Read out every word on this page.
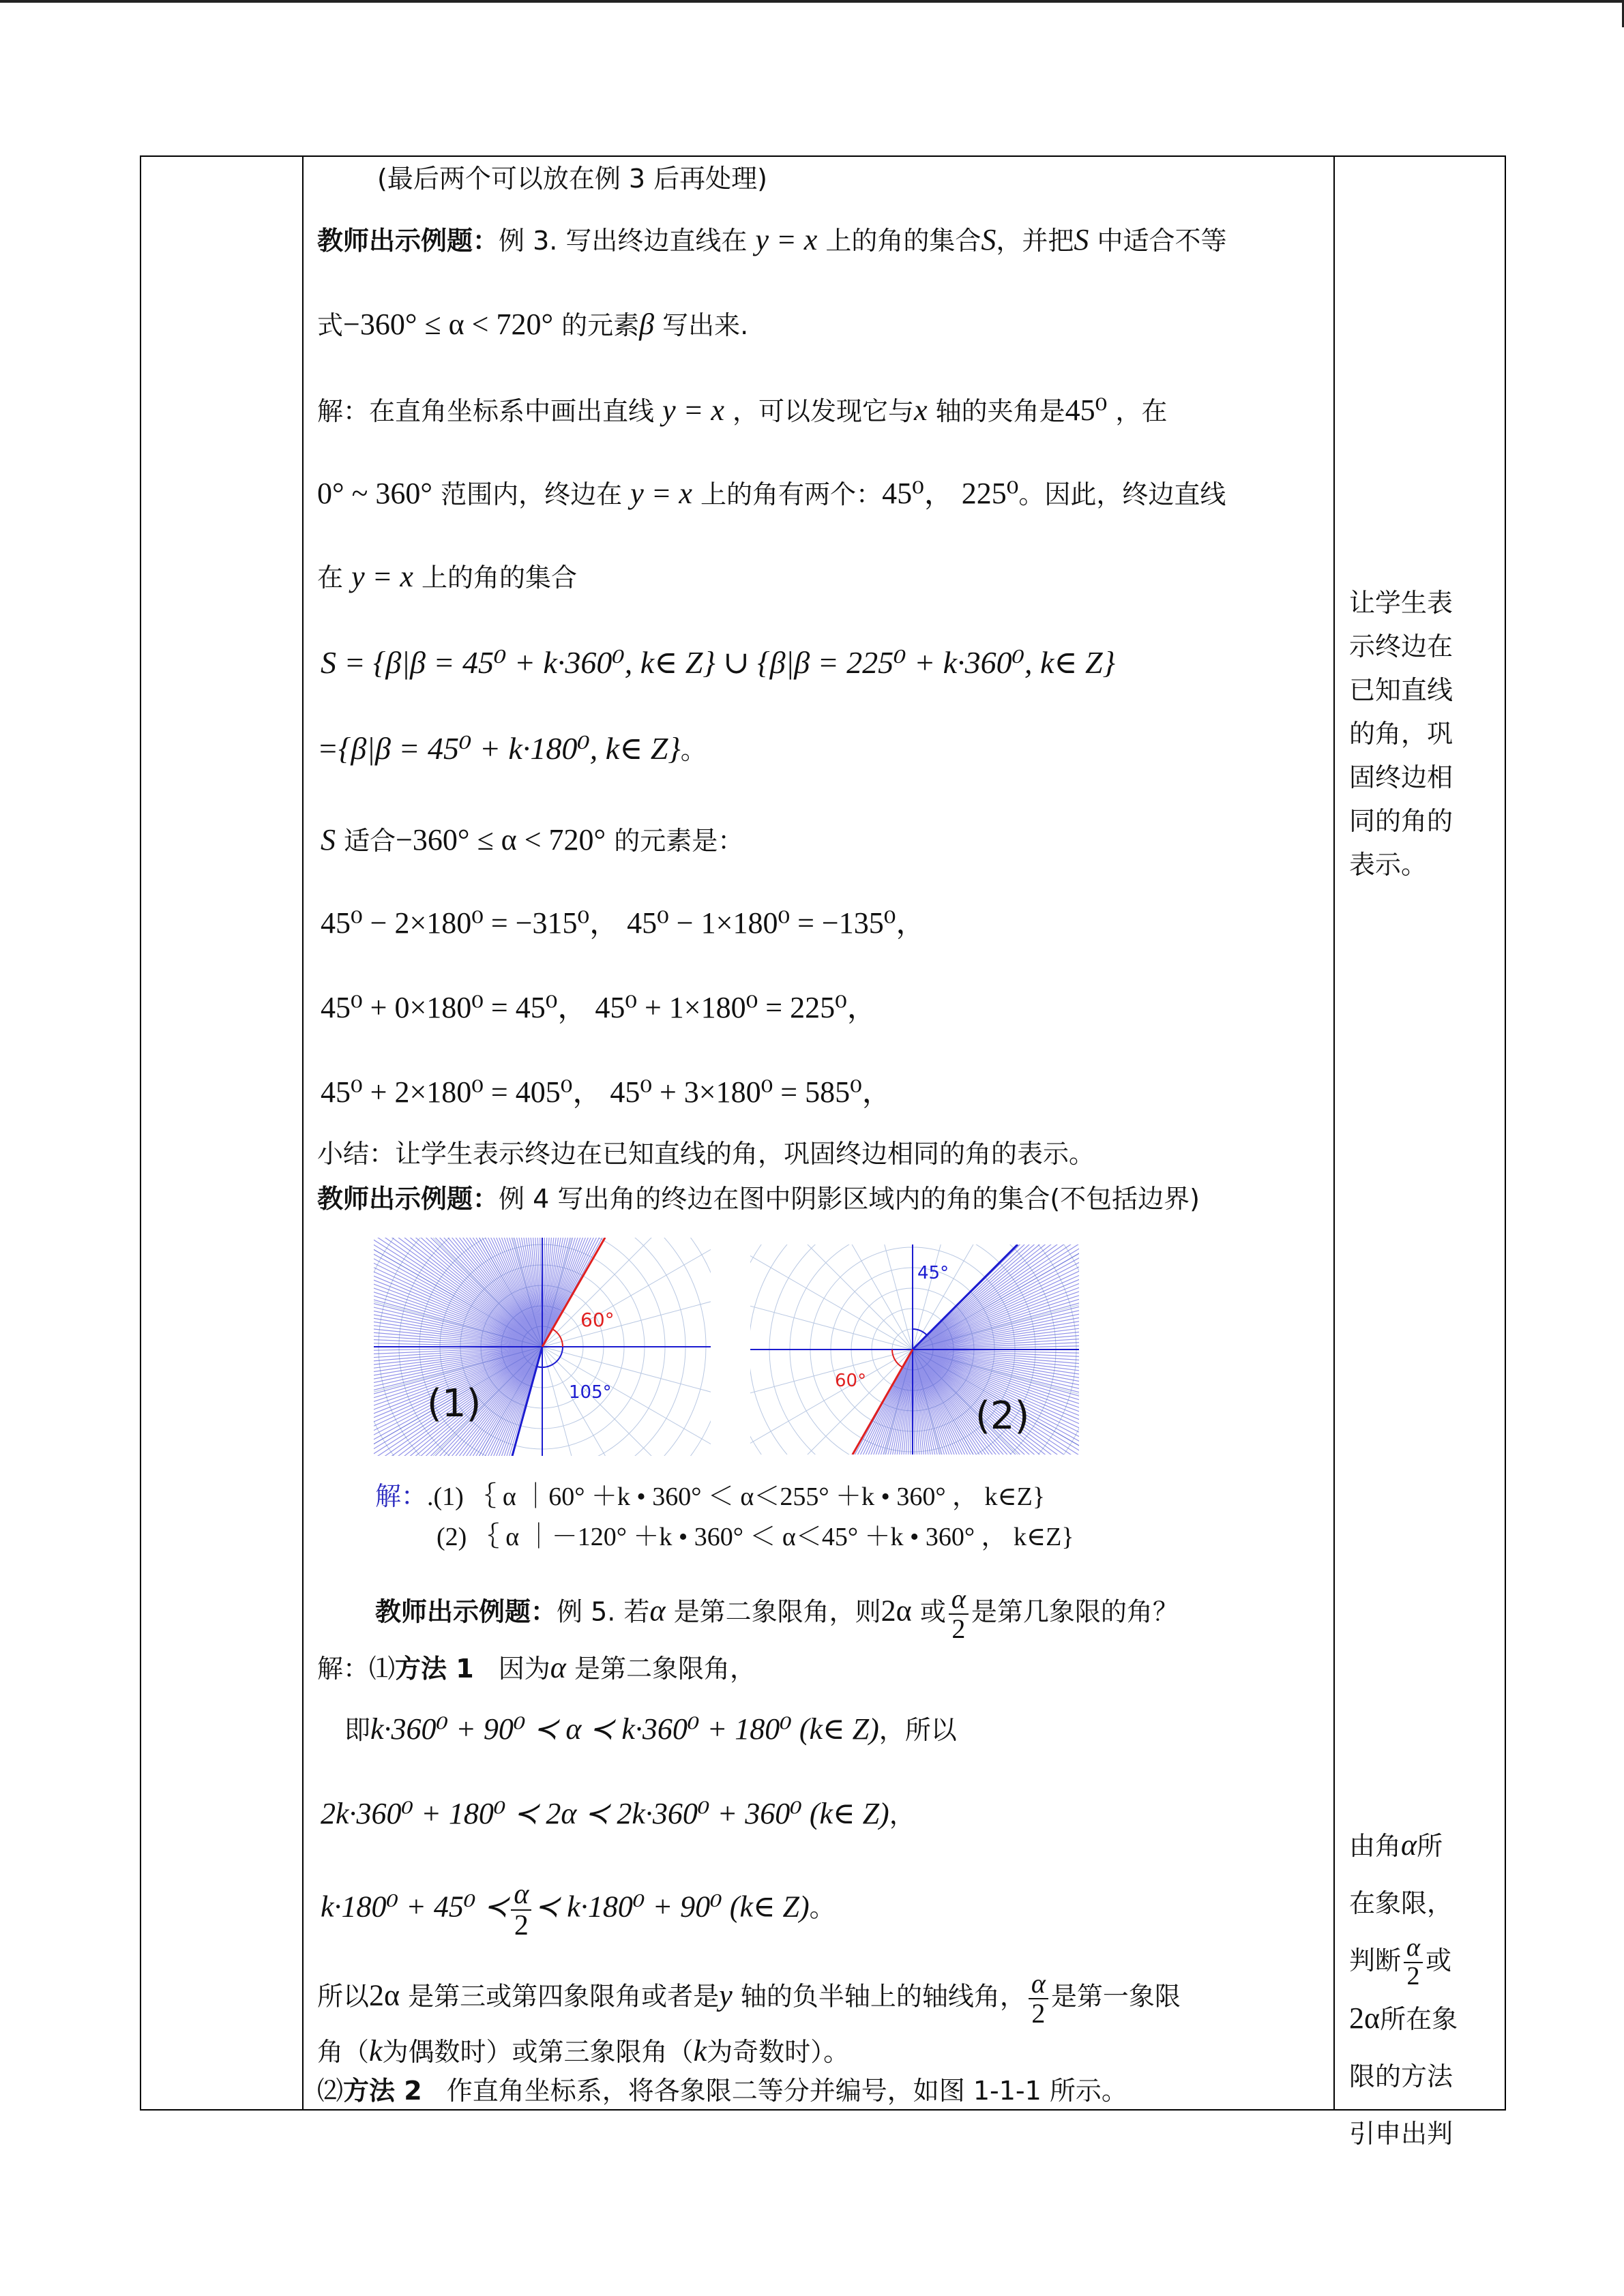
(最后两个可以放在例 3 后再处理)
教师出示例题：例 3. 写出终边直线在 y = x 上的角的集合S，并把S 中适合不等
式−360° ≤ α < 720° 的元素β 写出来.
解：在直角坐标系中画出直线 y = x ，可以发现它与x 轴的夹角是45⁰ ，在
0° ~ 360° 范围内，终边在 y = x 上的角有两个：45⁰， 225⁰。因此，终边直线
在 y = x 上的角的集合
S = {β|β = 45⁰ + k·360⁰, k∈ Z} ∪ {β|β = 225⁰ + k·360⁰, k∈ Z}
={β|β = 45⁰ + k·180⁰, k∈ Z}。
S 适合−360° ≤ α < 720° 的元素是：
45⁰ − 2×180⁰ = −315⁰， 45⁰ − 1×180⁰ = −135⁰，
45⁰ + 0×180⁰ = 45⁰， 45⁰ + 1×180⁰ = 225⁰，
45⁰ + 2×180⁰ = 405⁰， 45⁰ + 3×180⁰ = 585⁰，
小结：让学生表示终边在已知直线的角，巩固终边相同的角的表示。
教师出示例题：例 4 写出角的终边在图中阴影区域内的角的集合(不包括边界)
60°
105°
(1)
45°
60°
(2)
解：.(1) ｛ α ｜60° ＋k • 360° ＜ α＜255° ＋k • 360° ， k∈Z}
(2) ｛ α ｜－120° ＋k • 360° ＜ α＜45° ＋k • 360° ， k∈Z}
教师出示例题：例 5. 若α 是第二象限角，则2α 或 $\frac{\alpha}{2}$ 是第几象限的角？
解：⑴方法 1 因为α 是第二象限角，
即k·360⁰ + 90⁰ ≺ α ≺ k·360⁰ + 180⁰ (k∈ Z)，所以
2k·360⁰ + 180⁰ ≺ 2α ≺ 2k·360⁰ + 360⁰ (k∈ Z)，
k·180⁰ + 45⁰ ≺ $\frac{\alpha}{2}$ ≺ k·180⁰ + 90⁰ (k∈ Z)。
所以2α 是第三或第四象限角或者是y 轴的负半轴上的轴线角， $\frac{\alpha}{2}$ 是第一象限
角（k为偶数时）或第三象限角（k为奇数时）。
⑵方法 2 作直角坐标系，将各象限二等分并编号，如图 1-1-1 所示。
让学生表
示终边在
已知直线
的角，巩
固终边相
同的角的
表示。
由角α所
在象限，
判断 $\frac{\alpha}{2}$ 或
2α所在象
限的方法
引申出判
